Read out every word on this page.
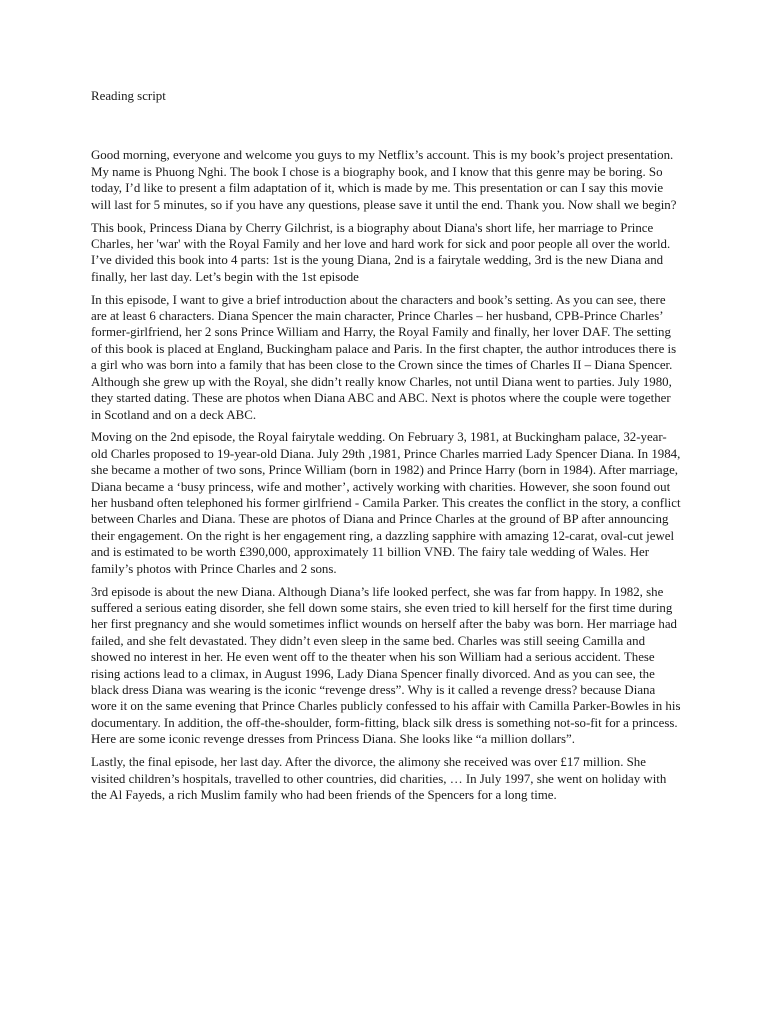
Reading script

Good morning, everyone and welcome you guys to my Netflix’s account. This is my book’s project presentation. My name is Phuong Nghi. The book I chose is a biography book, and I know that this genre may be boring. So today, I’d like to present a film adaptation of it, which is made by me. This presentation or can I say this movie will last for 5 minutes, so if you have any questions, please save it until the end. Thank you. Now shall we begin?

This book, Princess Diana by Cherry Gilchrist, is a biography about Diana's short life, her marriage to Prince Charles, her 'war' with the Royal Family and her love and hard work for sick and poor people all over the world. I’ve divided this book into 4 parts: 1st is the young Diana, 2nd is a fairytale wedding, 3rd is the new Diana and finally, her last day. Let’s begin with the 1st episode

In this episode, I want to give a brief introduction about the characters and book’s setting. As you can see, there are at least 6 characters. Diana Spencer the main character, Prince Charles – her husband, CPB-Prince Charles’ former-girlfriend, her 2 sons Prince William and Harry, the Royal Family and finally, her lover DAF. The setting of this book is placed at England, Buckingham palace and Paris. In the first chapter, the author introduces there is a girl who was born into a family that has been close to the Crown since the times of Charles II – Diana Spencer. Although she grew up with the Royal, she didn’t really know Charles, not until Diana went to parties. July 1980, they started dating. These are photos when Diana ABC and ABC. Next is photos where the couple were together in Scotland and on a deck ABC.

Moving on the 2nd episode, the Royal fairytale wedding. On February 3, 1981, at Buckingham palace, 32-year-old Charles proposed to 19-year-old Diana. July 29th ,1981, Prince Charles married Lady Spencer Diana. In 1984, she became a mother of two sons, Prince William (born in 1982) and Prince Harry (born in 1984). After marriage, Diana became a ‘busy princess, wife and mother’, actively working with charities. However, she soon found out her husband often telephoned his former girlfriend - Camila Parker. This creates the conflict in the story, a conflict between Charles and Diana. These are photos of Diana and Prince Charles at the ground of BP after announcing their engagement. On the right is her engagement ring, a dazzling sapphire with amazing 12-carat, oval-cut jewel and is estimated to be worth £390,000, approximately 11 billion VNĐ. The fairy tale wedding of Wales. Her family’s photos with Prince Charles and 2 sons.

3rd episode is about the new Diana. Although Diana’s life looked perfect, she was far from happy. In 1982, she suffered a serious eating disorder, she fell down some stairs, she even tried to kill herself for the first time during her first pregnancy and she would sometimes inflict wounds on herself after the baby was born. Her marriage had failed, and she felt devastated. They didn’t even sleep in the same bed. Charles was still seeing Camilla and showed no interest in her. He even went off to the theater when his son William had a serious accident. These rising actions lead to a climax, in August 1996, Lady Diana Spencer finally divorced. And as you can see, the black dress Diana was wearing is the iconic “revenge dress”. Why is it called a revenge dress? because Diana wore it on the same evening that Prince Charles publicly confessed to his affair with Camilla Parker-Bowles in his documentary. In addition, the off-the-shoulder, form-fitting, black silk dress is something not-so-fit for a princess. Here are some iconic revenge dresses from Princess Diana. She looks like “a million dollars”.

Lastly, the final episode, her last day. After the divorce, the alimony she received was over £17 million. She visited children’s hospitals, travelled to other countries, did charities, … In July 1997, she went on holiday with the Al Fayeds, a rich Muslim family who had been friends of the Spencers for a long time.
